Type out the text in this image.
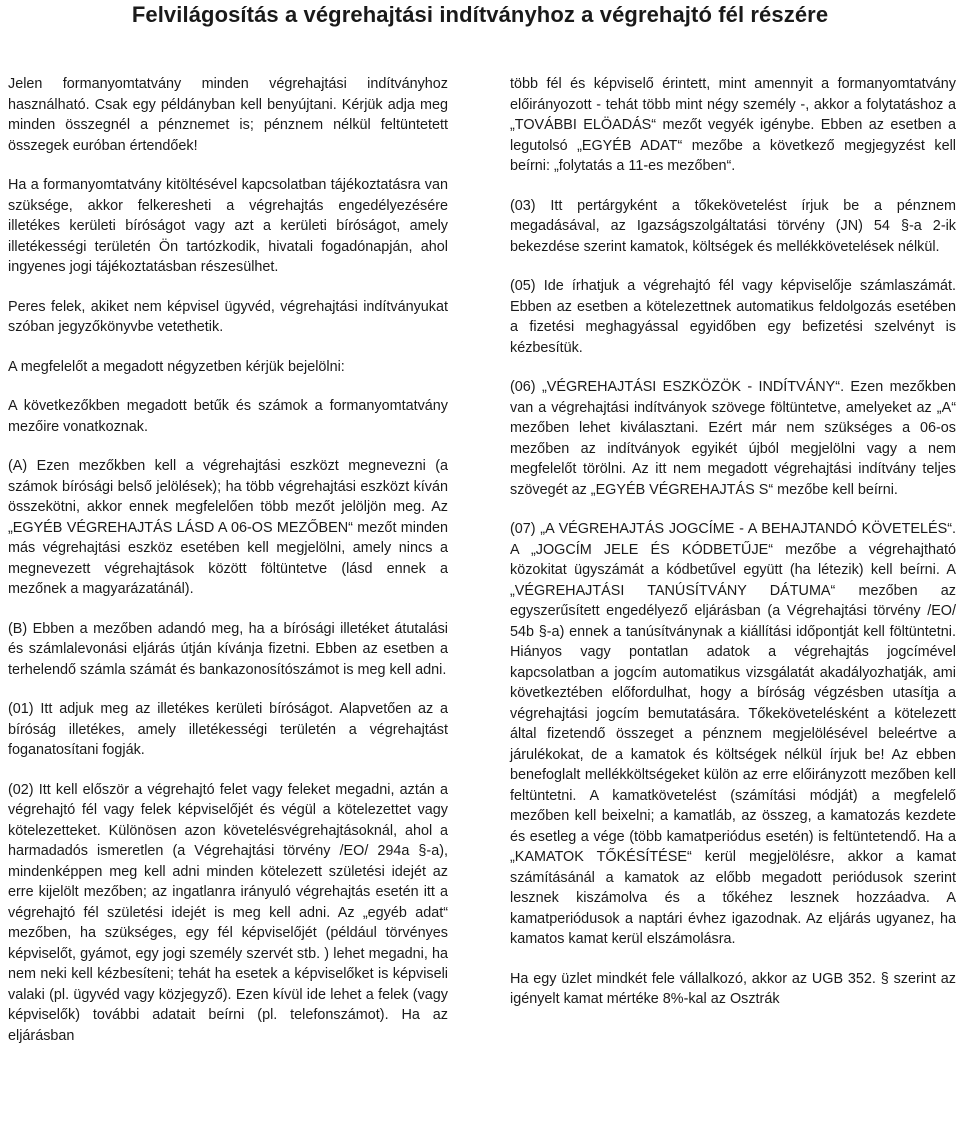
Felvilágosítás a végrehajtási indítványhoz a végrehajtó fél részére

Jelen formanyomtatvány minden végrehajtási indítványhoz használható. Csak egy példányban kell benyújtani. Kérjük adja meg minden összegnél a pénznemet is; pénznem nélkül feltüntetett összegek euróban értendőek!

Ha a formanyomtatvány kitöltésével kapcsolatban tájékoztatásra van szüksége, akkor felkeresheti a végrehajtás engedélyezésére illetékes kerületi bíróságot vagy azt a kerületi bíróságot, amely illetékességi területén Ön tartózkodik, hivatali fogadónapján, ahol ingyenes jogi tájékoztatásban részesülhet.

Peres felek, akiket nem képvisel ügyvéd, végrehajtási indítványukat szóban jegyzőkönyvbe vetethetik.

A megfelelőt a megadott négyzetben kérjük bejelölni:

A következőkben megadott betűk és számok a formanyomtatvány mezőire vonatkoznak.

(A) Ezen mezőkben kell a végrehajtási eszközt megnevezni (a számok bírósági belső jelölések); ha több végrehajtási eszközt kíván összekötni, akkor ennek megfelelően több mezőt jelöljön meg. Az „EGYÉB VÉGREHAJTÁS LÁSD A 06-OS MEZŐBEN“ mezőt minden más végrehajtási eszköz esetében kell megjelölni, amely nincs a megnevezett végrehajtások között föltüntetve (lásd ennek a mezőnek a magyarázatánál).

(B) Ebben a mezőben adandó meg, ha a bírósági illetéket átutalási és számlalevonási eljárás útján kívánja fizetni. Ebben az esetben a terhelendő számla számát és bankazonosítószámot is meg kell adni.

(01) Itt adjuk meg az illetékes kerületi bíróságot. Alapvetően az a bíróság illetékes, amely illetékességi területén a végrehajtást foganatosítani fogják.

(02) Itt kell először a végrehajtó felet vagy feleket megadni, aztán a végrehajtó fél vagy felek képviselőjét és végül a kötelezettet vagy kötelezetteket. Különösen azon követelésvégrehajtásoknál, ahol a harmadadós ismeretlen (a Végrehajtási törvény /EO/ 294a §-a), mindenképpen meg kell adni minden kötelezett születési idejét az erre kijelölt mezőben; az ingatlanra irányuló végrehajtás esetén itt a végrehajtó fél születési idejét is meg kell adni. Az „egyéb adat“ mezőben, ha szükséges, egy fél képviselőjét (például törvényes képviselőt, gyámot, egy jogi személy szervét stb. ) lehet megadni, ha nem neki kell kézbesíteni; tehát ha esetek a képviselőket is képviseli valaki (pl. ügyvéd vagy közjegyző). Ezen kívül ide lehet a felek (vagy képviselők) további adatait beírni (pl. telefonszámot). Ha az eljárásban

több fél és képviselő érintett, mint amennyit a formanyomtatvány előirányozott - tehát több mint négy személy -, akkor a folytatáshoz a „TOVÁBBI ELÖADÁS“ mezőt vegyék igénybe. Ebben az esetben a legutolsó „EGYÉB ADAT“ mezőbe a következő megjegyzést kell beírni: „folytatás a 11-es mezőben“.

(03) Itt pertárgyként a tőkekövetelést írjuk be a pénznem megadásával, az Igazságszolgáltatási törvény (JN) 54 §-a 2-ik bekezdése szerint kamatok, költségek és mellékkövetelések nélkül.

(05) Ide írhatjuk a végrehajtó fél vagy képviselője számlaszámát. Ebben az esetben a kötelezettnek automatikus feldolgozás esetében a fizetési meghagyással egyidőben egy befizetési szelvényt is kézbesítük.

(06) „VÉGREHAJTÁSI ESZKÖZÖK - INDÍTVÁNY“. Ezen mezőkben van a végrehajtási indítványok szövege föltüntetve, amelyeket az „A“ mezőben lehet kiválasztani. Ezért már nem szükséges a 06-os mezőben az indítványok egyikét újból megjelölni vagy a nem megfelelőt törölni. Az itt nem megadott végrehajtási indítvány teljes szövegét az „EGYÉB VÉGREHAJTÁS S“ mezőbe kell beírni.

(07) „A VÉGREHAJTÁS JOGCÍME - A BEHAJTANDÓ KÖVETELÉS“. A „JOGCÍM JELE ÉS KÓDBETŰJE“ mezőbe a végrehajtható közokitat ügyszámát a kódbetűvel együtt (ha létezik) kell beírni. A „VÉGREHAJTÁSI TANÚSÍTVÁNY DÁTUMA“ mezőben az egyszerűsített engedélyező eljárásban (a Végrehajtási törvény /EO/ 54b §-a) ennek a tanúsítványnak a kiállítási időpontját kell föltüntetni. Hiányos vagy pontatlan adatok a végrehajtás jogcímével kapcsolatban a jogcím automatikus vizsgálatát akadályozhatják, ami következtében előfordulhat, hogy a bíróság végzésben utasítja a végrehajtási jogcím bemutatására. Tőkekövetelésként a kötelezett által fizetendő összeget a pénznem megjelölésével beleértve a járulékokat, de a kamatok és költségek nélkül írjuk be! Az ebben benefoglalt mellékköltségeket külön az erre előirányzott mezőben kell feltüntetni. A kamatkövetelést (számítási módját) a megfelelő mezőben kell beixelni; a kamatláb, az összeg, a kamatozás kezdete és esetleg a vége (több kamatperiódus esetén) is feltüntetendő. Ha a „KAMATOK TŐKÉSÍTÉSE“ kerül megjelölésre, akkor a kamat számításánál a kamatok az előbb megadott periódusok szerint lesznek kiszámolva és a tőkéhez lesznek hozzáadva. A kamatperiódusok a naptári évhez igazodnak. Az eljárás ugyanez, ha kamatos kamat kerül elszámolásra.

Ha egy üzlet mindkét fele vállalkozó, akkor az UGB 352. § szerint az igényelt kamat mértéke 8%-kal az Osztrák
